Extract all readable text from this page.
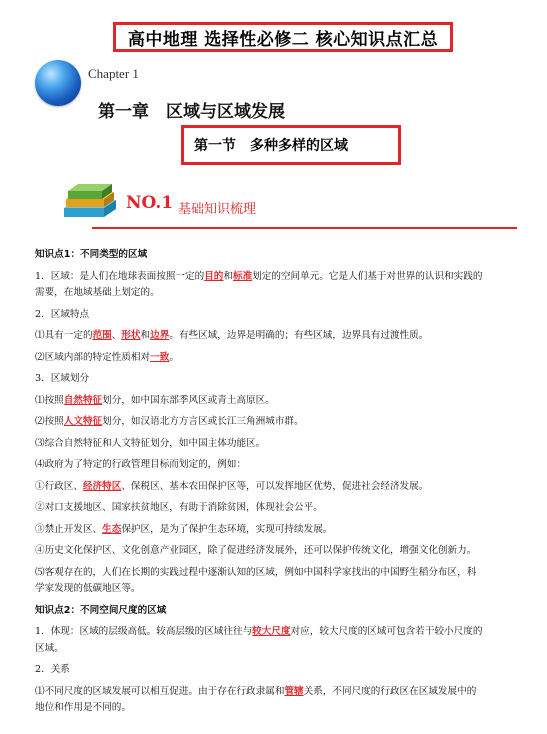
高中地理 选择性必修二 核心知识点汇总
Chapter 1
第一章　区域与区域发展
第一节　多种多样的区域
NO.1 基础知识梳理
知识点1：不同类型的区域
1．区域：是人们在地球表面按照一定的目的和标准划定的空间单元。它是人们基于对世界的认识和实践的
需要，在地域基础上划定的。
2．区域特点
⑴具有一定的范围、形状和边界。有些区域，边界是明确的；有些区域，边界具有过渡性质。
⑵区域内部的特定性质相对一致。
3．区域划分
⑴按照自然特征划分，如中国东部季风区或青土高原区。
⑵按照人文特征划分，如汉语北方方言区或长江三角洲城市群。
⑶综合自然特征和人文特征划分，如中国主体功能区。
⑷政府为了特定的行政管理目标而划定的，例如：
①行政区、经济特区、保税区、基本农田保护区等，可以发挥地区优势，促进社会经济发展。
②对口支援地区、国家扶贫地区，有助于消除贫困，体现社会公平。
③禁止开发区、生态保护区，是为了保护生态环境，实现可持续发展。
④历史文化保护区、文化创意产业园区，除了促进经济发展外，还可以保护传统文化，增强文化创新力。
⑸客观存在的，人们在长期的实践过程中逐渐认知的区域，例如中国科学家找出的中国野生稻分布区，科
学家发现的低碳地区等。
知识点2：不同空间尺度的区域
1．体现：区域的层级高低。较高层级的区域往往与较大尺度对应，较大尺度的区域可包含若干较小尺度的
区域。
2．关系
⑴不同尺度的区域发展可以相互促进。由于存在行政隶属和管辖关系，不同尺度的行政区在区域发展中的
地位和作用是不同的。
